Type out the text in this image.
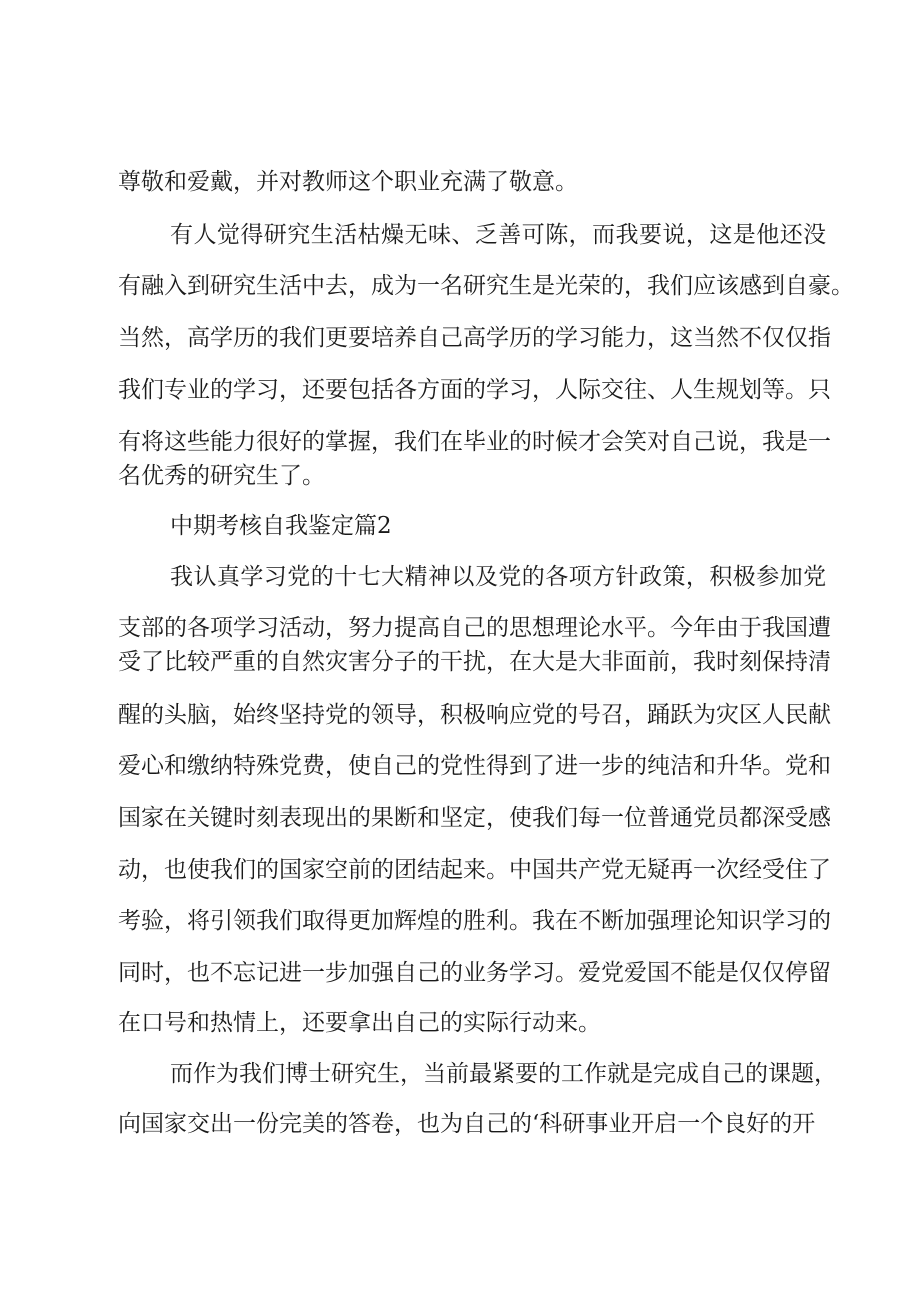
尊敬和爱戴，并对教师这个职业充满了敬意。
有人觉得研究生活枯燥无味、乏善可陈，而我要说，这是他还没
有融入到研究生活中去，成为一名研究生是光荣的，我们应该感到自豪。
当然，高学历的我们更要培养自己高学历的学习能力，这当然不仅仅指
我们专业的学习，还要包括各方面的学习，人际交往、人生规划等。只
有将这些能力很好的掌握，我们在毕业的时候才会笑对自己说，我是一
名优秀的研究生了。
中期考核自我鉴定篇2
我认真学习党的十七大精神以及党的各项方针政策，积极参加党
支部的各项学习活动，努力提高自己的思想理论水平。今年由于我国遭
受了比较严重的自然灾害分子的干扰，在大是大非面前，我时刻保持清
醒的头脑，始终坚持党的领导，积极响应党的号召，踊跃为灾区人民献
爱心和缴纳特殊党费，使自己的党性得到了进一步的纯洁和升华。党和
国家在关键时刻表现出的果断和坚定，使我们每一位普通党员都深受感
动，也使我们的国家空前的团结起来。中国共产党无疑再一次经受住了
考验，将引领我们取得更加辉煌的胜利。我在不断加强理论知识学习的
同时，也不忘记进一步加强自己的业务学习。爱党爱国不能是仅仅停留
在口号和热情上，还要拿出自己的实际行动来。
而作为我们博士研究生，当前最紧要的工作就是完成自己的课题，
向国家交出一份完美的答卷，也为自己的‘科研事业开启一个良好的开
